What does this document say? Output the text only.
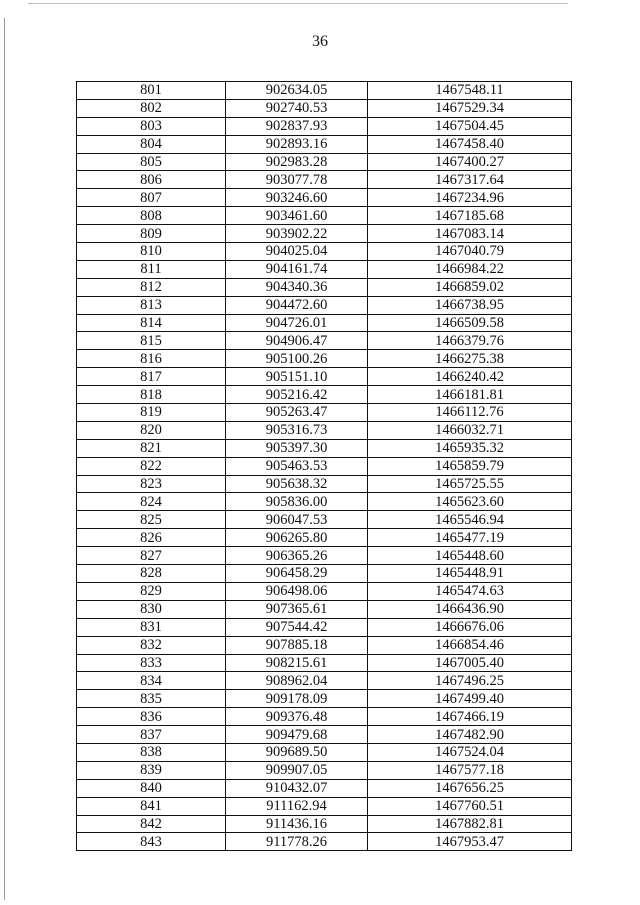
36
801	902634.05	1467548.11
802	902740.53	1467529.34
803	902837.93	1467504.45
804	902893.16	1467458.40
805	902983.28	1467400.27
806	903077.78	1467317.64
807	903246.60	1467234.96
808	903461.60	1467185.68
809	903902.22	1467083.14
810	904025.04	1467040.79
811	904161.74	1466984.22
812	904340.36	1466859.02
813	904472.60	1466738.95
814	904726.01	1466509.58
815	904906.47	1466379.76
816	905100.26	1466275.38
817	905151.10	1466240.42
818	905216.42	1466181.81
819	905263.47	1466112.76
820	905316.73	1466032.71
821	905397.30	1465935.32
822	905463.53	1465859.79
823	905638.32	1465725.55
824	905836.00	1465623.60
825	906047.53	1465546.94
826	906265.80	1465477.19
827	906365.26	1465448.60
828	906458.29	1465448.91
829	906498.06	1465474.63
830	907365.61	1466436.90
831	907544.42	1466676.06
832	907885.18	1466854.46
833	908215.61	1467005.40
834	908962.04	1467496.25
835	909178.09	1467499.40
836	909376.48	1467466.19
837	909479.68	1467482.90
838	909689.50	1467524.04
839	909907.05	1467577.18
840	910432.07	1467656.25
841	911162.94	1467760.51
842	911436.16	1467882.81
843	911778.26	1467953.47
